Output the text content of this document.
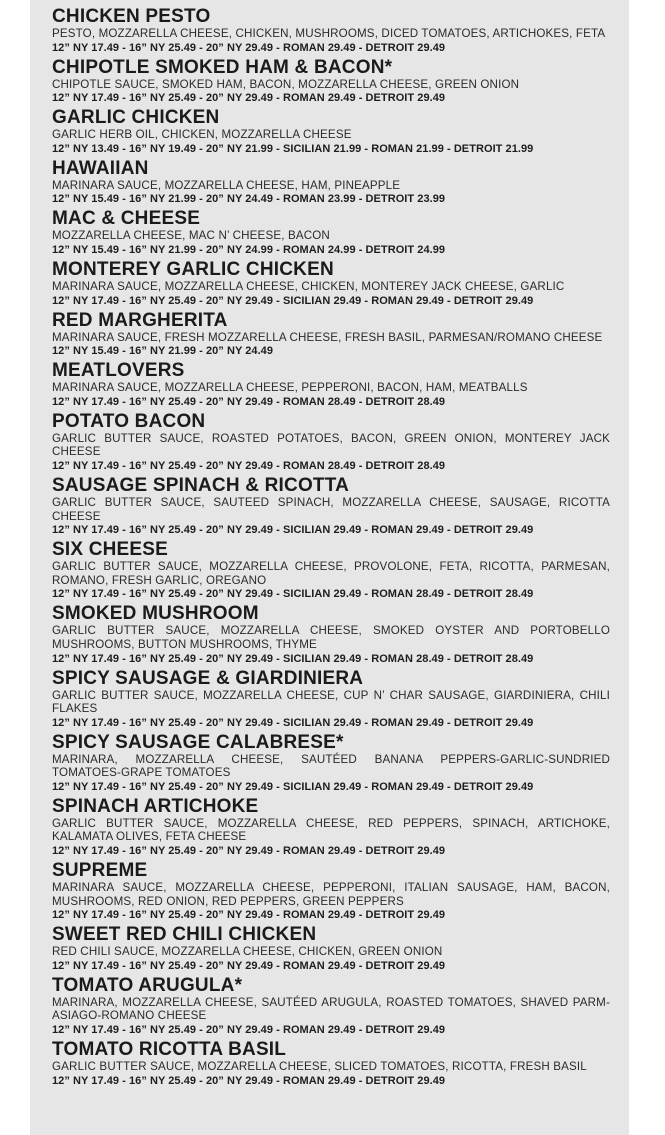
CHICKEN PESTO
PESTO, MOZZARELLA CHEESE, CHICKEN, MUSHROOMS, DICED TOMATOES, ARTICHOKES, FETA
12” NY 17.49 - 16” NY 25.49 - 20” NY 29.49 - ROMAN 29.49 - DETROIT 29.49
CHIPOTLE SMOKED HAM & BACON*
CHIPOTLE SAUCE, SMOKED HAM, BACON, MOZZARELLA CHEESE, GREEN ONION
12” NY 17.49 - 16” NY 25.49 - 20” NY 29.49 - ROMAN 29.49 - DETROIT 29.49
GARLIC CHICKEN
GARLIC HERB OIL, CHICKEN, MOZZARELLA CHEESE
12” NY 13.49 - 16” NY 19.49 - 20” NY 21.99 - SICILIAN 21.99 - ROMAN 21.99 - DETROIT 21.99
HAWAIIAN
MARINARA SAUCE, MOZZARELLA CHEESE, HAM, PINEAPPLE
12” NY 15.49 - 16” NY 21.99 - 20” NY 24.49 - ROMAN 23.99 - DETROIT 23.99
MAC & CHEESE
MOZZARELLA CHEESE, MAC N’ CHEESE, BACON
12” NY 15.49 - 16” NY 21.99 - 20” NY 24.99 - ROMAN 24.99 - DETROIT 24.99
MONTEREY GARLIC CHICKEN
MARINARA SAUCE, MOZZARELLA CHEESE, CHICKEN, MONTEREY JACK CHEESE, GARLIC
12” NY 17.49 - 16” NY 25.49 - 20” NY 29.49 - SICILIAN 29.49 - ROMAN 29.49 - DETROIT 29.49
RED MARGHERITA
MARINARA SAUCE, FRESH MOZZARELLA CHEESE, FRESH BASIL, PARMESAN/ROMANO CHEESE
12” NY 15.49 - 16” NY 21.99 - 20” NY 24.49
MEATLOVERS
MARINARA SAUCE, MOZZARELLA CHEESE, PEPPERONI, BACON, HAM, MEATBALLS
12” NY 17.49 - 16” NY 25.49 - 20” NY 29.49 - ROMAN 28.49 - DETROIT 28.49
POTATO BACON
GARLIC BUTTER SAUCE, ROASTED POTATOES, BACON, GREEN ONION, MONTEREY JACK CHEESE
12” NY 17.49 - 16” NY 25.49 - 20” NY 29.49 - ROMAN 28.49 - DETROIT 28.49
SAUSAGE SPINACH & RICOTTA
GARLIC BUTTER SAUCE, SAUTEED SPINACH, MOZZARELLA CHEESE, SAUSAGE, RICOTTA CHEESE
12” NY 17.49 - 16” NY 25.49 - 20” NY 29.49 - SICILIAN 29.49 - ROMAN 29.49 - DETROIT 29.49
SIX CHEESE
GARLIC BUTTER SAUCE, MOZZARELLA CHEESE, PROVOLONE, FETA, RICOTTA, PARMESAN, ROMANO, FRESH GARLIC, OREGANO
12” NY 17.49 - 16” NY 25.49 - 20” NY 29.49 - SICILIAN 29.49 - ROMAN 28.49 - DETROIT 28.49
SMOKED MUSHROOM
GARLIC BUTTER SAUCE, MOZZARELLA CHEESE, SMOKED OYSTER AND PORTOBELLO MUSHROOMS, BUTTON MUSHROOMS, THYME
12” NY 17.49 - 16” NY 25.49 - 20” NY 29.49 - SICILIAN 29.49 - ROMAN 28.49 - DETROIT 28.49
SPICY SAUSAGE & GIARDINIERA
GARLIC BUTTER SAUCE, MOZZARELLA CHEESE, CUP N’ CHAR SAUSAGE, GIARDINIERA, CHILI FLAKES
12” NY 17.49 - 16” NY 25.49 - 20” NY 29.49 - SICILIAN 29.49 - ROMAN 29.49 - DETROIT 29.49
SPICY SAUSAGE CALABRESE*
MARINARA, MOZZARELLA CHEESE, SAUTÉED BANANA PEPPERS-GARLIC-SUNDRIED TOMATOES-GRAPE TOMATOES
12” NY 17.49 - 16” NY 25.49 - 20” NY 29.49 - SICILIAN 29.49 - ROMAN 29.49 - DETROIT 29.49
SPINACH ARTICHOKE
GARLIC BUTTER SAUCE, MOZZARELLA CHEESE, RED PEPPERS, SPINACH, ARTICHOKE, KALAMATA OLIVES, FETA CHEESE
12” NY 17.49 - 16” NY 25.49 - 20” NY 29.49 - ROMAN 29.49 - DETROIT 29.49
SUPREME
MARINARA SAUCE, MOZZARELLA CHEESE, PEPPERONI, ITALIAN SAUSAGE, HAM, BACON, MUSHROOMS, RED ONION, RED PEPPERS, GREEN PEPPERS
12” NY 17.49 - 16” NY 25.49 - 20” NY 29.49 - ROMAN 29.49 - DETROIT 29.49
SWEET RED CHILI CHICKEN
RED CHILI SAUCE, MOZZARELLA CHEESE, CHICKEN, GREEN ONION
12” NY 17.49 - 16” NY 25.49 - 20” NY 29.49 - ROMAN 29.49 - DETROIT 29.49
TOMATO ARUGULA*
MARINARA, MOZZARELLA CHEESE, SAUTÉED ARUGULA, ROASTED TOMATOES, SHAVED PARM-ASIAGO-ROMANO CHEESE
12” NY 17.49 - 16” NY 25.49 - 20” NY 29.49 - ROMAN 29.49 - DETROIT 29.49
TOMATO RICOTTA BASIL
GARLIC BUTTER SAUCE, MOZZARELLA CHEESE, SLICED TOMATOES, RICOTTA, FRESH BASIL
12” NY 17.49 - 16” NY 25.49 - 20” NY 29.49 - ROMAN 29.49 - DETROIT 29.49
